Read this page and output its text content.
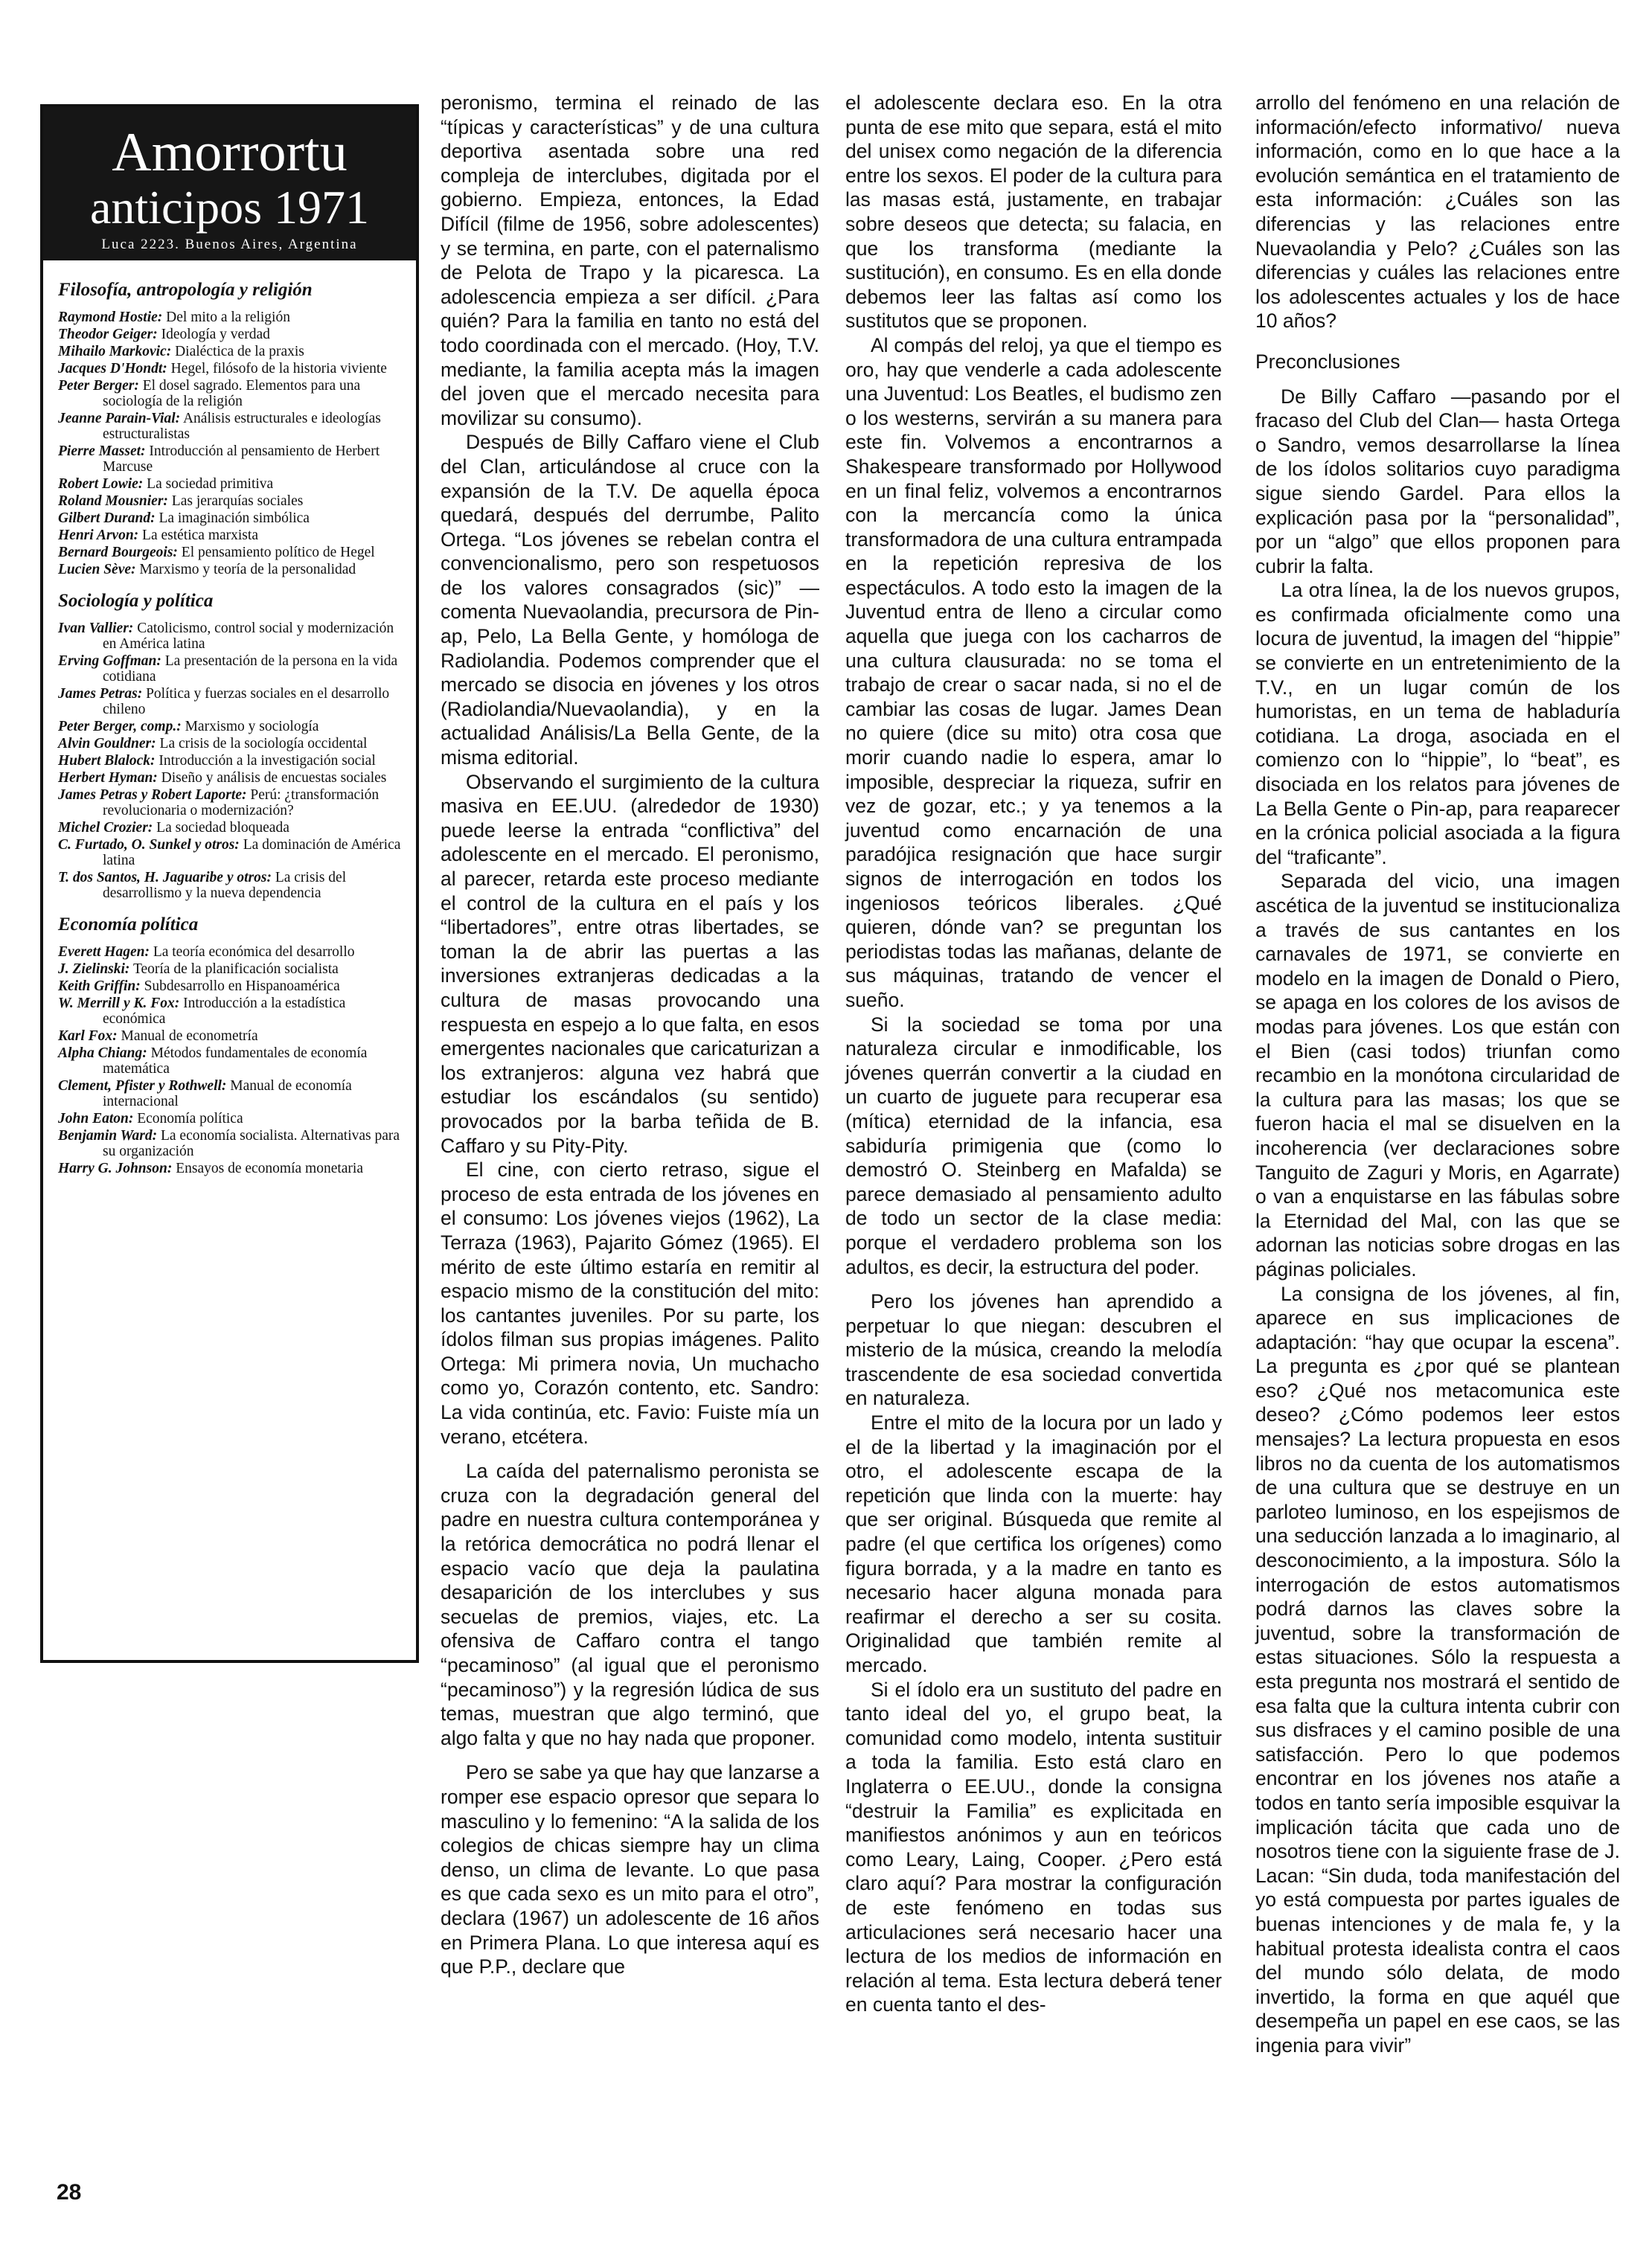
Amorrortu
anticipos 1971
Luca 2223. Buenos Aires, Argentina
Filosofía, antropología y religión
Raymond Hostie: Del mito a la religión
Theodor Geiger: Ideología y verdad
Mihailo Markovic: Dialéctica de la praxis
Jacques D'Hondt: Hegel, filósofo de la historia viviente
Peter Berger: El dosel sagrado. Elementos para una sociología de la religión
Jeanne Parain-Vial: Análisis estructurales e ideologías estructuralistas
Pierre Masset: Introducción al pensamiento de Herbert Marcuse
Robert Lowie: La sociedad primitiva
Roland Mousnier: Las jerarquías sociales
Gilbert Durand: La imaginación simbólica
Henri Arvon: La estética marxista
Bernard Bourgeois: El pensamiento político de Hegel
Lucien Sève: Marxismo y teoría de la personalidad
Sociología y política
Ivan Vallier: Catolicismo, control social y modernización en América latina
Erving Goffman: La presentación de la persona en la vida cotidiana
James Petras: Política y fuerzas sociales en el desarrollo chileno
Peter Berger, comp.: Marxismo y sociología
Alvin Gouldner: La crisis de la sociología occidental
Hubert Blalock: Introducción a la investigación social
Herbert Hyman: Diseño y análisis de encuestas sociales
James Petras y Robert Laporte: Perú: ¿transformación revolucionaria o modernización?
Michel Crozier: La sociedad bloqueada
C. Furtado, O. Sunkel y otros: La dominación de América latina
T. dos Santos, H. Jaguaribe y otros: La crisis del desarrollismo y la nueva dependencia
Economía política
Everett Hagen: La teoría económica del desarrollo
J. Zielinski: Teoría de la planificación socialista
Keith Griffin: Subdesarrollo en Hispanoamérica
W. Merrill y K. Fox: Introducción a la estadística económica
Karl Fox: Manual de econometría
Alpha Chiang: Métodos fundamentales de economía matemática
Clement, Pfister y Rothwell: Manual de economía internacional
John Eaton: Economía política
Benjamin Ward: La economía socialista. Alternativas para su organización
Harry G. Johnson: Ensayos de economía monetaria

peronismo, termina el reinado de las “típicas y características” y de una cultura deportiva asentada sobre una red compleja de interclubes, digitada por el gobierno. Empieza, entonces, la Edad Difícil (filme de 1956, sobre adolescentes) y se termina, en parte, con el paternalismo de Pelota de Trapo y la picaresca. La adolescencia empieza a ser difícil. ¿Para quién? Para la familia en tanto no está del todo coordinada con el mercado. (Hoy, T.V. mediante, la familia acepta más la imagen del joven que el mercado necesita para movilizar su consumo).

Después de Billy Caffaro viene el Club del Clan, articulándose al cruce con la expansión de la T.V. De aquella época quedará, después del derrumbe, Palito Ortega. “Los jóvenes se rebelan contra el convencionalismo, pero son respetuosos de los valores consagrados (sic)” —comenta Nuevaolandia, precursora de Pin-ap, Pelo, La Bella Gente, y homóloga de Radiolandia. Podemos comprender que el mercado se disocia en jóvenes y los otros (Radiolandia/Nuevaolandia), y en la actualidad Análisis/La Bella Gente, de la misma editorial.

Observando el surgimiento de la cultura masiva en EE.UU. (alrededor de 1930) puede leerse la entrada “conflictiva” del adolescente en el mercado. El peronismo, al parecer, retarda este proceso mediante el control de la cultura en el país y los “libertadores”, entre otras libertades, se toman la de abrir las puertas a las inversiones extranjeras dedicadas a la cultura de masas provocando una respuesta en espejo a lo que falta, en esos emergentes nacionales que caricaturizan a los extranjeros: alguna vez habrá que estudiar los escándalos (su sentido) provocados por la barba teñida de B. Caffaro y su Pity-Pity.

El cine, con cierto retraso, sigue el proceso de esta entrada de los jóvenes en el consumo: Los jóvenes viejos (1962), La Terraza (1963), Pajarito Gómez (1965). El mérito de este último estaría en remitir al espacio mismo de la constitución del mito: los cantantes juveniles. Por su parte, los ídolos filman sus propias imágenes. Palito Ortega: Mi primera novia, Un muchacho como yo, Corazón contento, etc. Sandro: La vida continúa, etc. Favio: Fuiste mía un verano, etcétera.

La caída del paternalismo peronista se cruza con la degradación general del padre en nuestra cultura contemporánea y la retórica democrática no podrá llenar el espacio vacío que deja la paulatina desaparición de los interclubes y sus secuelas de premios, viajes, etc. La ofensiva de Caffaro contra el tango “pecaminoso” (al igual que el peronismo “pecaminoso”) y la regresión lúdica de sus temas, muestran que algo terminó, que algo falta y que no hay nada que proponer.

Pero se sabe ya que hay que lanzarse a romper ese espacio opresor que separa lo masculino y lo femenino: “A la salida de los colegios de chicas siempre hay un clima denso, un clima de levante. Lo que pasa es que cada sexo es un mito para el otro”, declara (1967) un adolescente de 16 años en Primera Plana. Lo que interesa aquí es que P.P., declare que

el adolescente declara eso. En la otra punta de ese mito que separa, está el mito del unisex como negación de la diferencia entre los sexos. El poder de la cultura para las masas está, justamente, en trabajar sobre deseos que detecta; su falacia, en que los transforma (mediante la sustitución), en consumo. Es en ella donde debemos leer las faltas así como los sustitutos que se proponen.

Al compás del reloj, ya que el tiempo es oro, hay que venderle a cada adolescente una Juventud: Los Beatles, el budismo zen o los westerns, servirán a su manera para este fin. Volvemos a encontrarnos a Shakespeare transformado por Hollywood en un final feliz, volvemos a encontrarnos con la mercancía como la única transformadora de una cultura entrampada en la repetición represiva de los espectáculos. A todo esto la imagen de la Juventud entra de lleno a circular como aquella que juega con los cacharros de una cultura clausurada: no se toma el trabajo de crear o sacar nada, si no el de cambiar las cosas de lugar. James Dean no quiere (dice su mito) otra cosa que morir cuando nadie lo espera, amar lo imposible, despreciar la riqueza, sufrir en vez de gozar, etc.; y ya tenemos a la juventud como encarnación de una paradójica resignación que hace surgir signos de interrogación en todos los ingeniosos teóricos liberales. ¿Qué quieren, dónde van? se preguntan los periodistas todas las mañanas, delante de sus máquinas, tratando de vencer el sueño.

Si la sociedad se toma por una naturaleza circular e inmodificable, los jóvenes querrán convertir a la ciudad en un cuarto de juguete para recuperar esa (mítica) eternidad de la infancia, esa sabiduría primigenia que (como lo demostró O. Steinberg en Mafalda) se parece demasiado al pensamiento adulto de todo un sector de la clase media: porque el verdadero problema son los adultos, es decir, la estructura del poder.

Pero los jóvenes han aprendido a perpetuar lo que niegan: descubren el misterio de la música, creando la melodía trascendente de esa sociedad convertida en naturaleza.

Entre el mito de la locura por un lado y el de la libertad y la imaginación por el otro, el adolescente escapa de la repetición que linda con la muerte: hay que ser original. Búsqueda que remite al padre (el que certifica los orígenes) como figura borrada, y a la madre en tanto es necesario hacer alguna monada para reafirmar el derecho a ser su cosita. Originalidad que también remite al mercado.

Si el ídolo era un sustituto del padre en tanto ideal del yo, el grupo beat, la comunidad como modelo, intenta sustituir a toda la familia. Esto está claro en Inglaterra o EE.UU., donde la consigna “destruir la Familia” es explicitada en manifiestos anónimos y aun en teóricos como Leary, Laing, Cooper. ¿Pero está claro aquí? Para mostrar la configuración de este fenómeno en todas sus articulaciones será necesario hacer una lectura de los medios de información en relación al tema. Esta lectura deberá tener en cuenta tanto el des-

arrollo del fenómeno en una relación de información/efecto informativo/ nueva información, como en lo que hace a la evolución semántica en el tratamiento de esta información: ¿Cuáles son las diferencias y las relaciones entre Nuevaolandia y Pelo? ¿Cuáles son las diferencias y cuáles las relaciones entre los adolescentes actuales y los de hace 10 años?

Preconclusiones

De Billy Caffaro —pasando por el fracaso del Club del Clan— hasta Ortega o Sandro, vemos desarrollarse la línea de los ídolos solitarios cuyo paradigma sigue siendo Gardel. Para ellos la explicación pasa por la “personalidad”, por un “algo” que ellos proponen para cubrir la falta.

La otra línea, la de los nuevos grupos, es confirmada oficialmente como una locura de juventud, la imagen del “hippie” se convierte en un entretenimiento de la T.V., en un lugar común de los humoristas, en un tema de habladuría cotidiana. La droga, asociada en el comienzo con lo “hippie”, lo “beat”, es disociada en los relatos para jóvenes de La Bella Gente o Pin-ap, para reaparecer en la crónica policial asociada a la figura del “traficante”.

Separada del vicio, una imagen ascética de la juventud se institucionaliza a través de sus cantantes en los carnavales de 1971, se convierte en modelo en la imagen de Donald o Piero, se apaga en los colores de los avisos de modas para jóvenes. Los que están con el Bien (casi todos) triunfan como recambio en la monótona circularidad de la cultura para las masas; los que se fueron hacia el mal se disuelven en la incoherencia (ver declaraciones sobre Tanguito de Zaguri y Moris, en Agarrate) o van a enquistarse en las fábulas sobre la Eternidad del Mal, con las que se adornan las noticias sobre drogas en las páginas policiales.

La consigna de los jóvenes, al fin, aparece en sus implicaciones de adaptación: “hay que ocupar la escena”. La pregunta es ¿por qué se plantean eso? ¿Qué nos metacomunica este deseo? ¿Cómo podemos leer estos mensajes? La lectura propuesta en esos libros no da cuenta de los automatismos de una cultura que se destruye en un parloteo luminoso, en los espejismos de una seducción lanzada a lo imaginario, al desconocimiento, a la impostura. Sólo la interrogación de estos automatismos podrá darnos las claves sobre la juventud, sobre la transformación de estas situaciones. Sólo la respuesta a esta pregunta nos mostrará el sentido de esa falta que la cultura intenta cubrir con sus disfraces y el camino posible de una satisfacción. Pero lo que podemos encontrar en los jóvenes nos atañe a todos en tanto sería imposible esquivar la implicación tácita que cada uno de nosotros tiene con la siguiente frase de J. Lacan: “Sin duda, toda manifestación del yo está compuesta por partes iguales de buenas intenciones y de mala fe, y la habitual protesta idealista contra el caos del mundo sólo delata, de modo invertido, la forma en que aquél que desempeña un papel en ese caos, se las ingenia para vivir”

28
